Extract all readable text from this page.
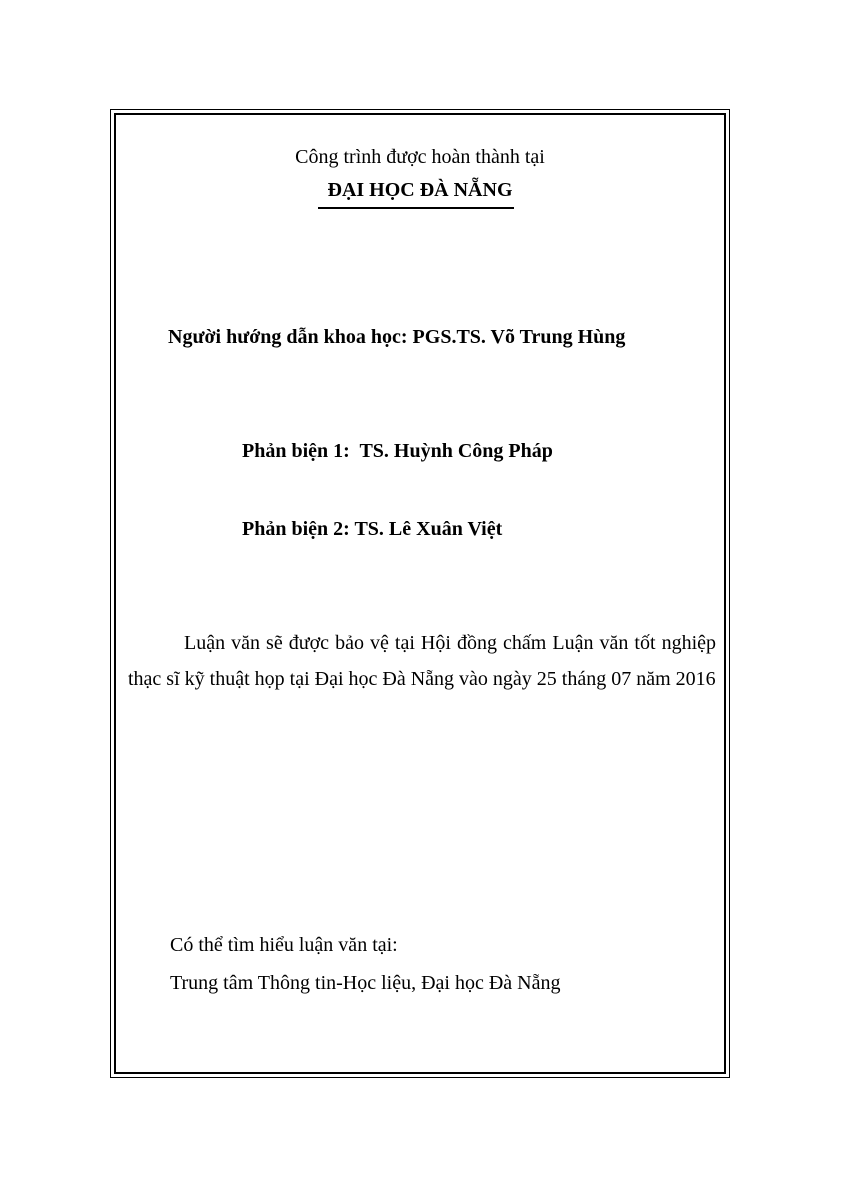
Công trình được hoàn thành tại
ĐẠI HỌC ĐÀ NẴNG
Người hướng dẫn khoa học: PGS.TS. Võ Trung Hùng
Phản biện 1:  TS. Huỳnh Công Pháp
Phản biện 2: TS. Lê Xuân Việt
Luận văn sẽ được bảo vệ tại Hội đồng chấm Luận văn tốt nghiệp thạc sĩ kỹ thuật họp tại Đại học Đà Nẵng vào ngày 25 tháng 07 năm 2016
Có thể tìm hiểu luận văn tại:
Trung tâm Thông tin-Học liệu, Đại học Đà Nẵng
